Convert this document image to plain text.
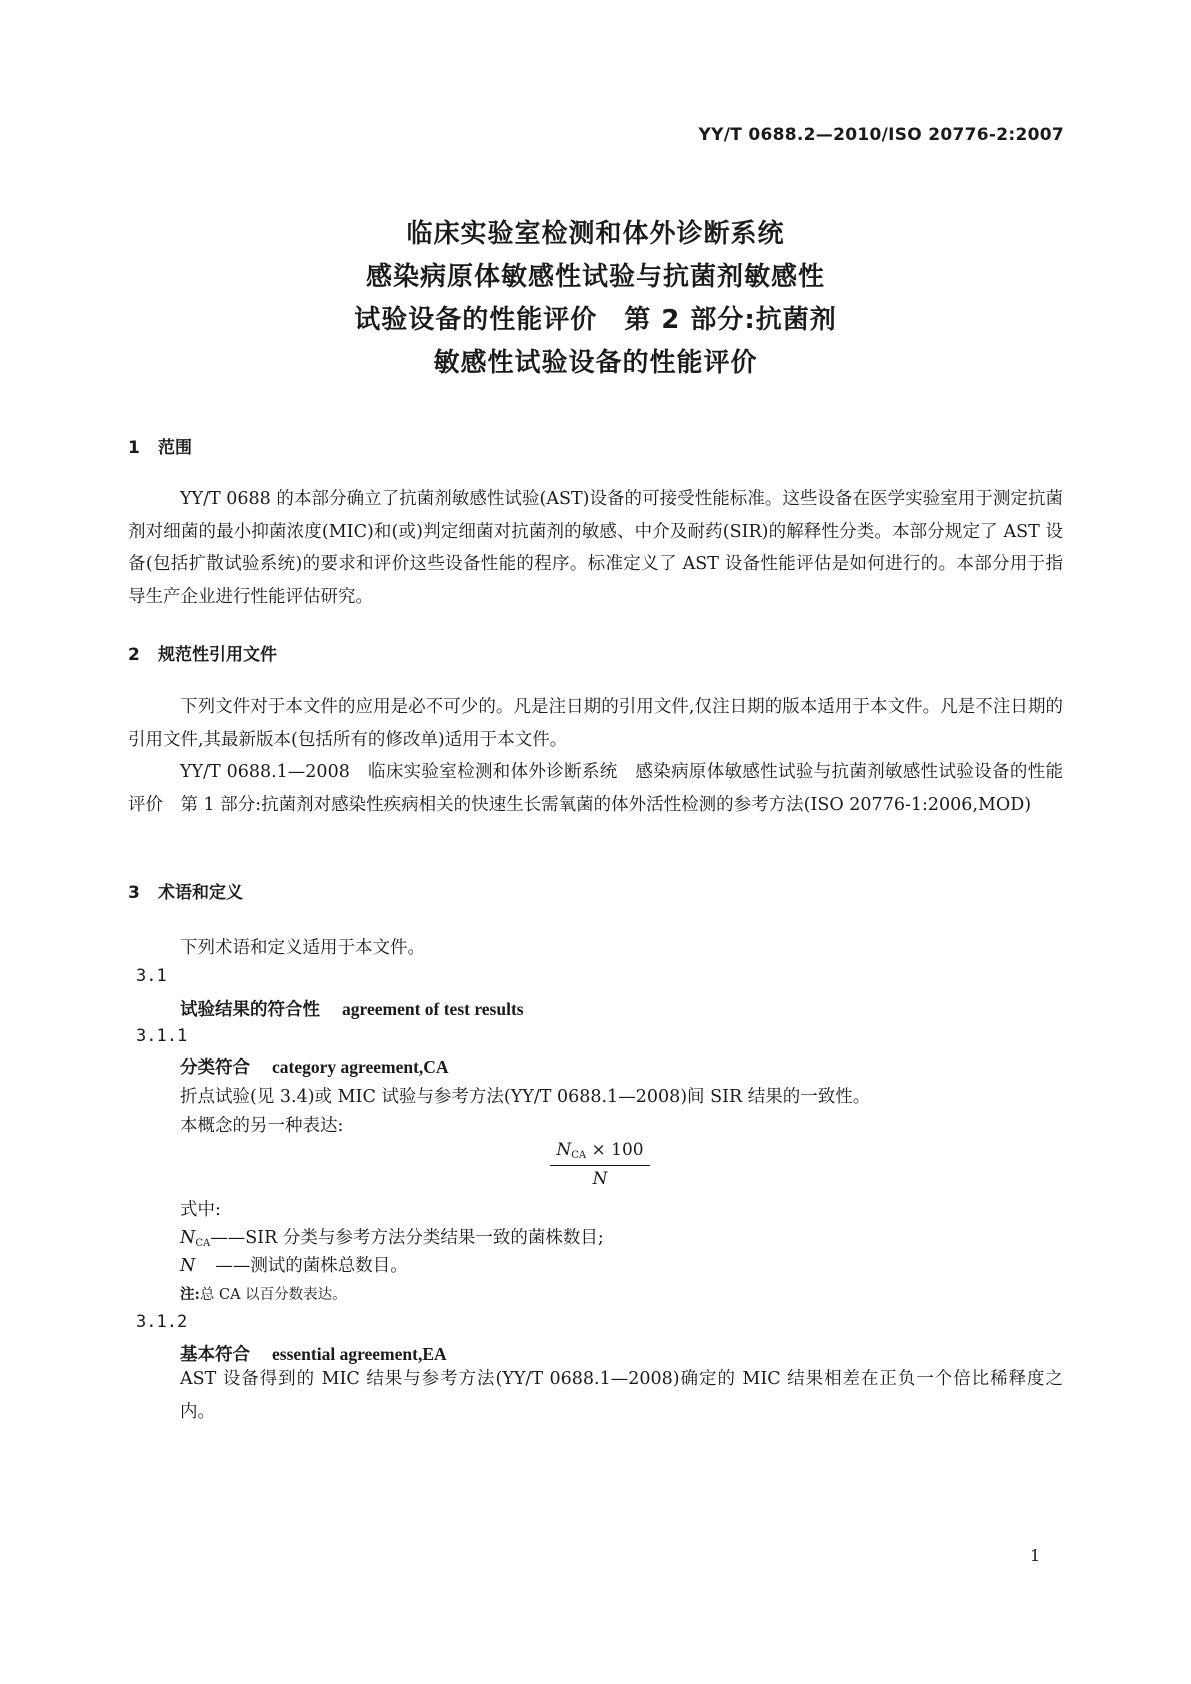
YY/T 0688.2—2010/ISO 20776-2:2007
临床实验室检测和体外诊断系统
感染病原体敏感性试验与抗菌剂敏感性
试验设备的性能评价　第 2 部分:抗菌剂
敏感性试验设备的性能评价
1 范围
YY/T 0688 的本部分确立了抗菌剂敏感性试验(AST)设备的可接受性能标准。这些设备在医学实验室用于测定抗菌剂对细菌的最小抑菌浓度(MIC)和(或)判定细菌对抗菌剂的敏感、中介及耐药(SIR)的解释性分类。本部分规定了 AST 设备(包括扩散试验系统)的要求和评价这些设备性能的程序。标准定义了 AST 设备性能评估是如何进行的。本部分用于指导生产企业进行性能评估研究。
2 规范性引用文件
下列文件对于本文件的应用是必不可少的。凡是注日期的引用文件,仅注日期的版本适用于本文件。凡是不注日期的引用文件,其最新版本(包括所有的修改单)适用于本文件。
YY/T 0688.1—2008　临床实验室检测和体外诊断系统　感染病原体敏感性试验与抗菌剂敏感性试验设备的性能评价　第 1 部分:抗菌剂对感染性疾病相关的快速生长需氧菌的体外活性检测的参考方法(ISO 20776-1:2006,MOD)
3 术语和定义
下列术语和定义适用于本文件。
3.1
试验结果的符合性 agreement of test results
3.1.1
分类符合 category agreement,CA
折点试验(见 3.4)或 MIC 试验与参考方法(YY/T 0688.1—2008)间 SIR 结果的一致性。
本概念的另一种表达:
$N_{CA} \times 100$
N
式中:
$N_{CA}——SIR$ 分类与参考方法分类结果一致的菌株数目;
N ——测试的菌株总数目。
注:总 CA 以百分数表达。
3.1.2
基本符合 essential agreement,EA
AST 设备得到的 MIC 结果与参考方法(YY/T 0688.1—2008)确定的 MIC 结果相差在正负一个倍比稀释度之内。
1
